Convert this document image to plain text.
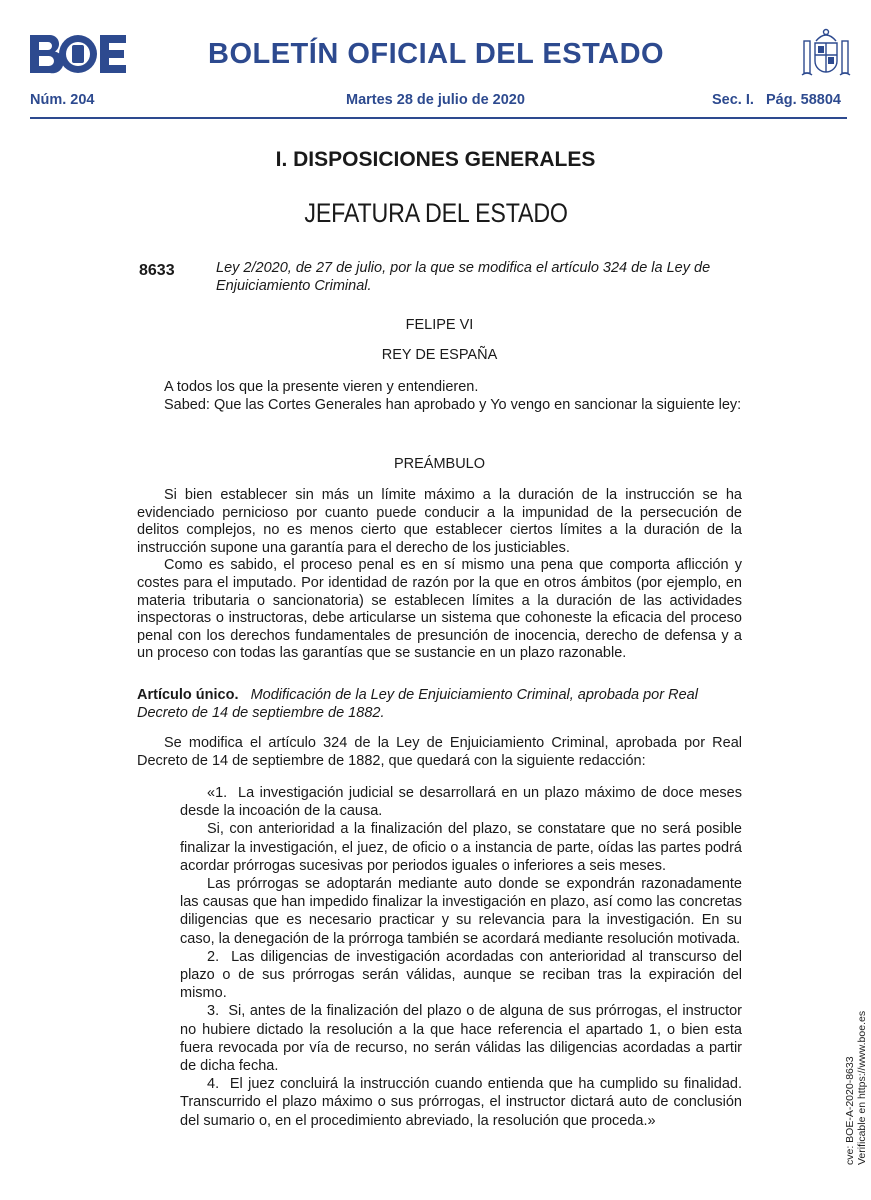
BOLETÍN OFICIAL DEL ESTADO
Núm. 204	Martes 28 de julio de 2020	Sec. I.   Pág. 58804
I. DISPOSICIONES GENERALES
JEFATURA DEL ESTADO
8633	Ley 2/2020, de 27 de julio, por la que se modifica el artículo 324 de la Ley de Enjuiciamiento Criminal.
FELIPE VI
REY DE ESPAÑA

A todos los que la presente vieren y entendieren.

Sabed: Que las Cortes Generales han aprobado y Yo vengo en sancionar la siguiente ley:

PREÁMBULO

Si bien establecer sin más un límite máximo a la duración de la instrucción se ha evidenciado pernicioso por cuanto puede conducir a la impunidad de la persecución de delitos complejos, no es menos cierto que establecer ciertos límites a la duración de la instrucción supone una garantía para el derecho de los justiciables.

Como es sabido, el proceso penal es en sí mismo una pena que comporta aflicción y costes para el imputado. Por identidad de razón por la que en otros ámbitos (por ejemplo, en materia tributaria o sancionatoria) se establecen límites a la duración de las actividades inspectoras o instructoras, debe articularse un sistema que cohoneste la eficacia del proceso penal con los derechos fundamentales de presunción de inocencia, derecho de defensa y a un proceso con todas las garantías que se sustancie en un plazo razonable.

Artículo único. Modificación de la Ley de Enjuiciamiento Criminal, aprobada por Real Decreto de 14 de septiembre de 1882.

Se modifica el artículo 324 de la Ley de Enjuiciamiento Criminal, aprobada por Real Decreto de 14 de septiembre de 1882, que quedará con la siguiente redacción:

«1.  La investigación judicial se desarrollará en un plazo máximo de doce meses desde la incoación de la causa.

Si, con anterioridad a la finalización del plazo, se constatare que no será posible finalizar la investigación, el juez, de oficio o a instancia de parte, oídas las partes podrá acordar prórrogas sucesivas por periodos iguales o inferiores a seis meses.

Las prórrogas se adoptarán mediante auto donde se expondrán razonadamente las causas que han impedido finalizar la investigación en plazo, así como las concretas diligencias que es necesario practicar y su relevancia para la investigación. En su caso, la denegación de la prórroga también se acordará mediante resolución motivada.

2.  Las diligencias de investigación acordadas con anterioridad al transcurso del plazo o de sus prórrogas serán válidas, aunque se reciban tras la expiración del mismo.

3.  Si, antes de la finalización del plazo o de alguna de sus prórrogas, el instructor no hubiere dictado la resolución a la que hace referencia el apartado 1, o bien esta fuera revocada por vía de recurso, no serán válidas las diligencias acordadas a partir de dicha fecha.

4.  El juez concluirá la instrucción cuando entienda que ha cumplido su finalidad. Transcurrido el plazo máximo o sus prórrogas, el instructor dictará auto de conclusión del sumario o, en el procedimiento abreviado, la resolución que proceda.»	cve: BOE-A-2020-8633 Verificable en https://www.boe.es
